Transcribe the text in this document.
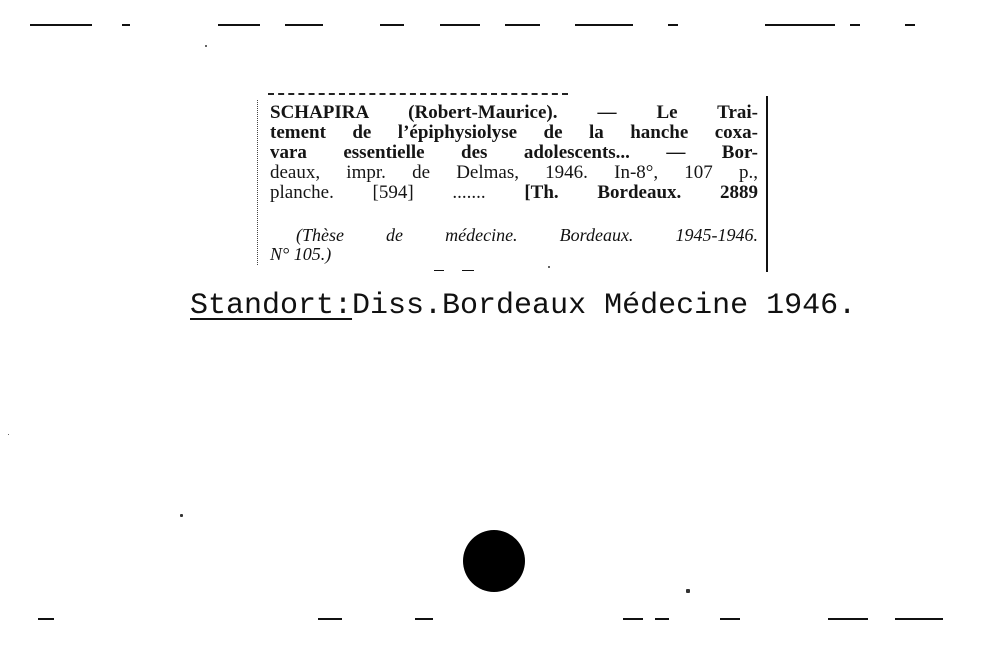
SCHAPIRA (Robert-Maurice). — Le Trai-
tement de l’épiphysiolyse de la hanche coxa-
vara essentielle des adolescents... — Bor-
deaux, impr. de Delmas, 1946. In-8°, 107 p.,
planche. [594] ....... [Th. Bordeaux. 2889
(Thèse de médecine. Bordeaux. 1945-1946.
N° 105.)
Standort:Diss.Bordeaux Médecine 1946.
